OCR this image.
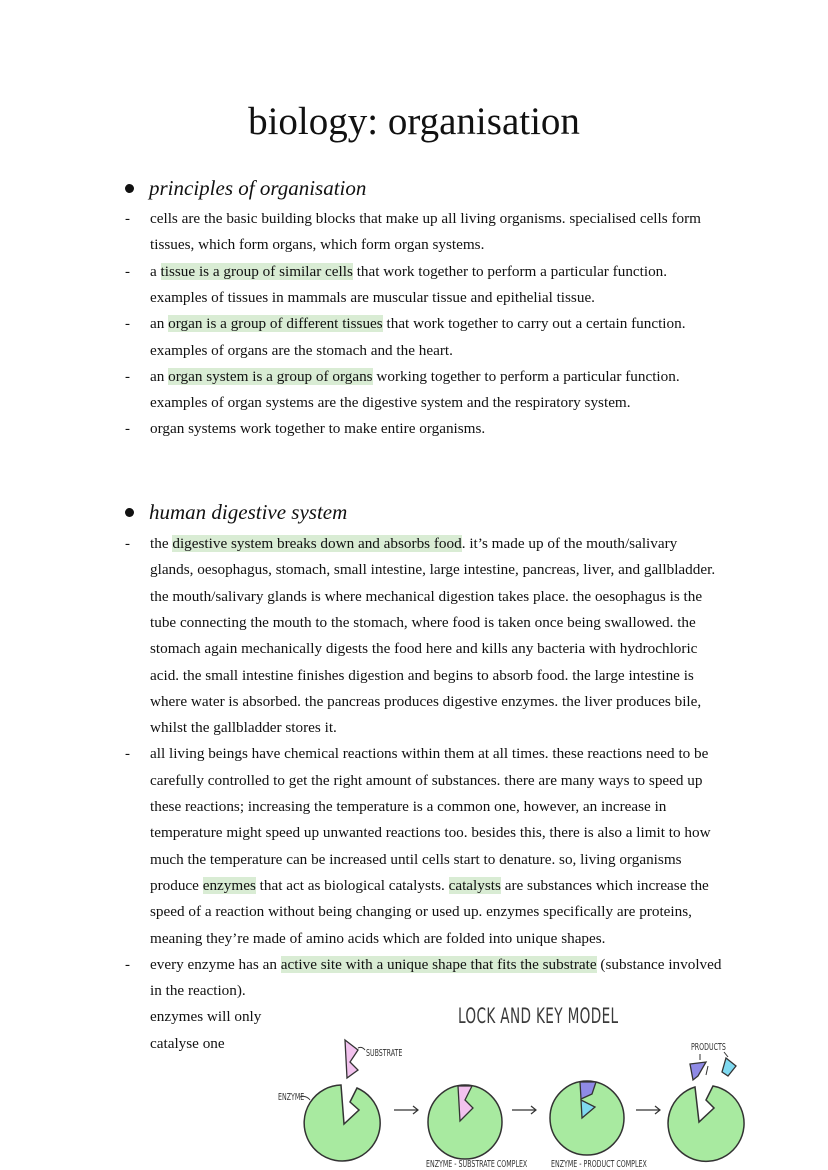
biology: organisation
principles of organisation
- cells are the basic building blocks that make up all living organisms. specialised cells form
tissues, which form organs, which form organ systems.
- a tissue is a group of similar cells that work together to perform a particular function.
examples of tissues in mammals are muscular tissue and epithelial tissue.
- an organ is a group of different tissues that work together to carry out a certain function.
examples of organs are the stomach and the heart.
- an organ system is a group of organs working together to perform a particular function.
examples of organ systems are the digestive system and the respiratory system.
- organ systems work together to make entire organisms.
human digestive system
- the digestive system breaks down and absorbs food. it’s made up of the mouth/salivary
glands, oesophagus, stomach, small intestine, large intestine, pancreas, liver, and gallbladder.
the mouth/salivary glands is where mechanical digestion takes place. the oesophagus is the
tube connecting the mouth to the stomach, where food is taken once being swallowed. the
stomach again mechanically digests the food here and kills any bacteria with hydrochloric
acid. the small intestine finishes digestion and begins to absorb food. the large intestine is
where water is absorbed. the pancreas produces digestive enzymes. the liver produces bile,
whilst the gallbladder stores it.
- all living beings have chemical reactions within them at all times. these reactions need to be
carefully controlled to get the right amount of substances. there are many ways to speed up
these reactions; increasing the temperature is a common one, however, an increase in
temperature might speed up unwanted reactions too. besides this, there is also a limit to how
much the temperature can be increased until cells start to denature. so, living organisms
produce enzymes that act as biological catalysts. catalysts are substances which increase the
speed of a reaction without being changing or used up. enzymes specifically are proteins,
meaning they’re made of amino acids which are folded into unique shapes.
- every enzyme has an active site with a unique shape that fits the substrate (substance involved
in the reaction).
enzymes will only
catalyse one
LOCK AND KEY MODEL
SUBSTRATE
ENZYME
ENZYME - SUBSTRATE COMPLEX ENZYME - PRODUCT COMPLEX
PRODUCTS
